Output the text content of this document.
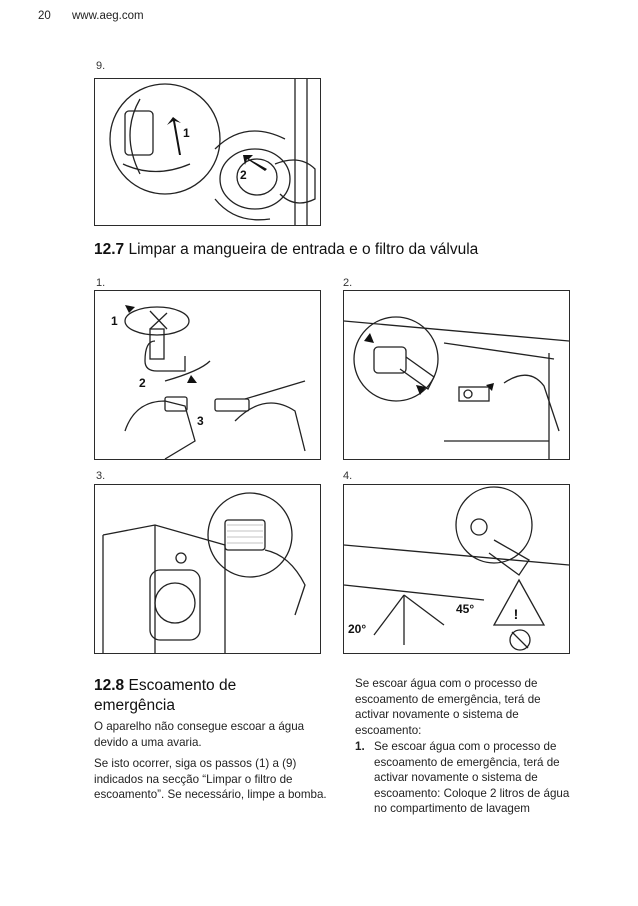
20 www.aeg.com
9.
1
2
12.7 Limpar a mangueira de entrada e o filtro da válvula
1.	2.
3.	4.
1
2
3
!
20°
45°
12.8 Escoamento de
emergência
O aparelho não consegue escoar a água devido a uma avaria.
Se isto ocorrer, siga os passos (1) a (9) indicados na secção “Limpar o filtro de escoamento”. Se necessário, limpe a bomba.
Se escoar água com o processo de escoamento de emergência, terá de activar novamente o sistema de escoamento:
1. Se escoar água com o processo de escoamento de emergência, terá de activar novamente o sistema de escoamento: Coloque 2 litros de água no compartimento de lavagem
